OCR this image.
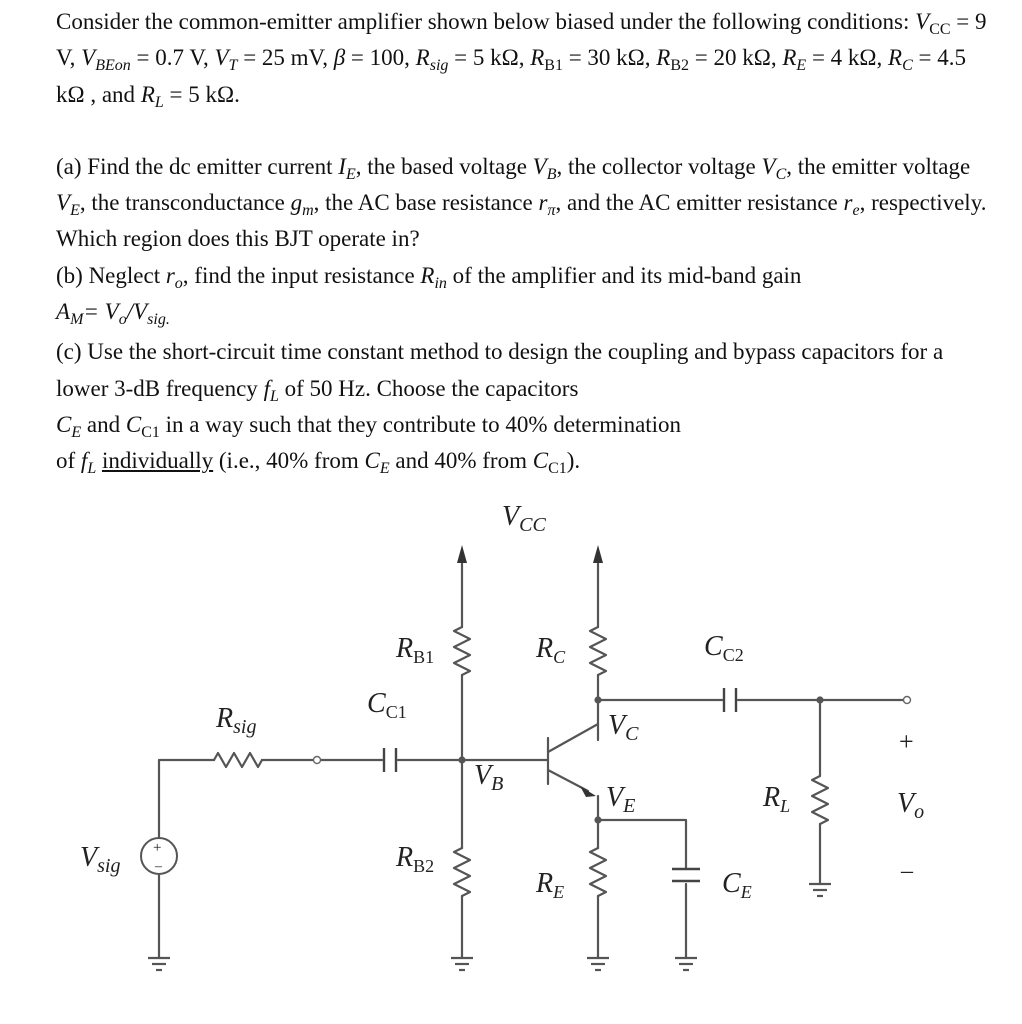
Consider the common-emitter amplifier shown below biased under the following conditions: $V_{CC} = 9$ V, $V_{BEon} = 0.7$ V, $V_T = 25$ mV, β = 100, $R_{sig} = 5$ kΩ, $R_{B1} = 30$ kΩ, $R_{B2} = 20$ kΩ, $R_E = 4$ kΩ, $R_C = 4.5$ kΩ , and $R_L = 5$ kΩ.

(a) Find the dc emitter current $I_E$, the based voltage $V_B$, the collector voltage $V_C$, the emitter voltage $V_E$, the transconductance $g_m$, the AC base resistance $r_\pi$, and the AC emitter resistance $r_e$, respectively. Which region does this BJT operate in?

(b) Neglect $r_o$, find the input resistance $R_{in}$ of the amplifier and its mid-band gain
$A_M= V_o/V_{sig.}$

(c) Use the short-circuit time constant method to design the coupling and bypass capacitors for a lower 3-dB frequency $f_L$ of 50 Hz. Choose the capacitors
$C_E$ and $C_{C1}$ in a way such that they contribute to 40% determination
of $f_L$ individually (i.e., 40% from $C_E$ and 40% from $C_{C1}$).

+
–
$V_{CC}$
$R_{B1}$	$R_C$	$C_{C2}$
$C_{C1}$
$R_{sig}$	$V_C$
$V_B$	$V_E$	$R_L$
+
$V_o$
–
$V_{sig}$	$R_{B2}$
$R_E$	$C_E$
